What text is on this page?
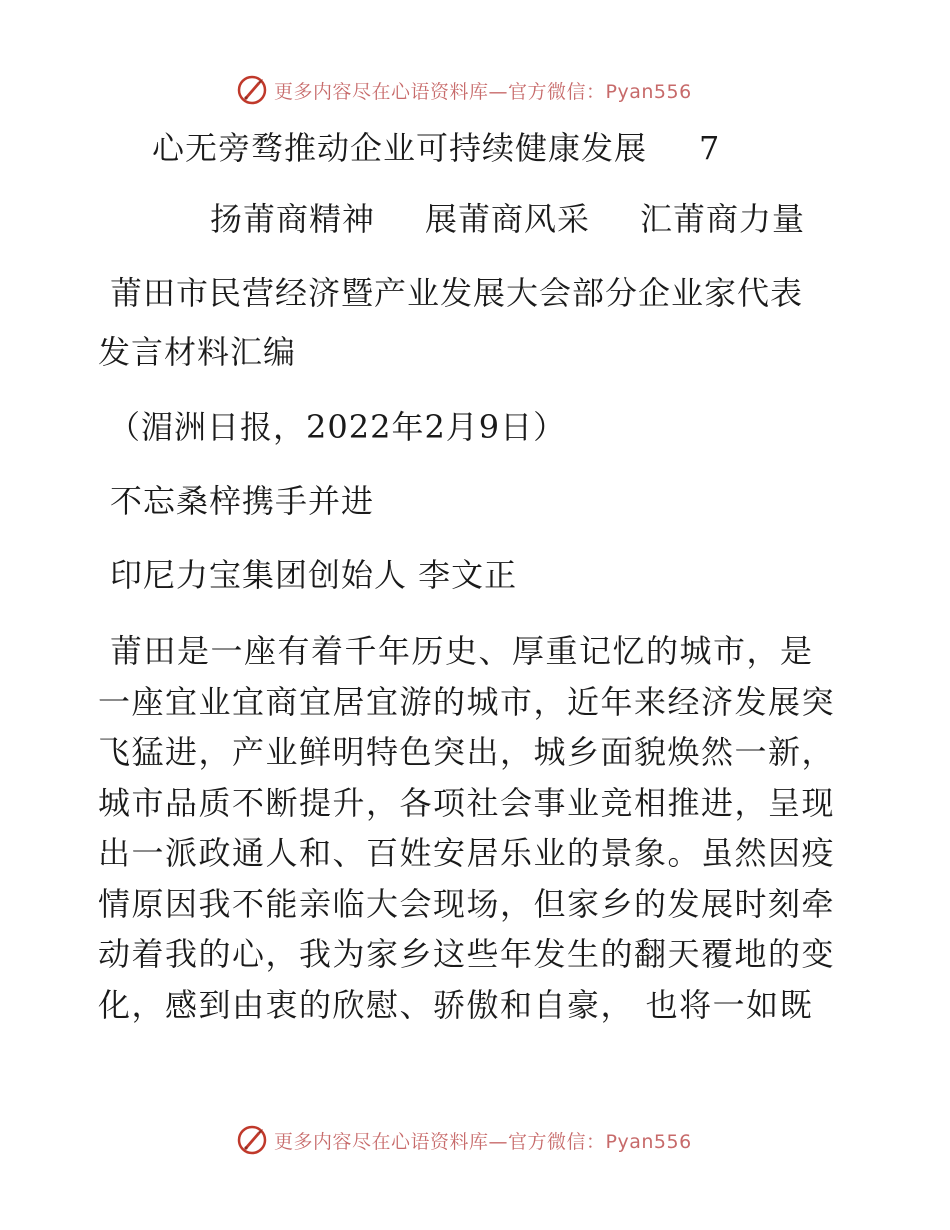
更多内容尽在心语资料库—官方微信：Pyan556
心无旁骛推动企业可持续健康发展 7
扬莆商精神 展莆商风采 汇莆商力量
莆田市民营经济暨产业发展大会部分企业家代表
发言材料汇编
（湄洲日报，2022年2月9日）
不忘桑梓携手并进
印尼力宝集团创始人 李文正
莆田是一座有着千年历史、厚重记忆的城市，是
一座宜业宜商宜居宜游的城市，近年来经济发展突
飞猛进，产业鲜明特色突出，城乡面貌焕然一新，
城市品质不断提升，各项社会事业竞相推进，呈现
出一派政通人和、百姓安居乐业的景象。虽然因疫
情原因我不能亲临大会现场，但家乡的发展时刻牵
动着我的心，我为家乡这些年发生的翻天覆地的变
化，感到由衷的欣慰、骄傲和自豪， 也将一如既
更多内容尽在心语资料库—官方微信：Pyan556
